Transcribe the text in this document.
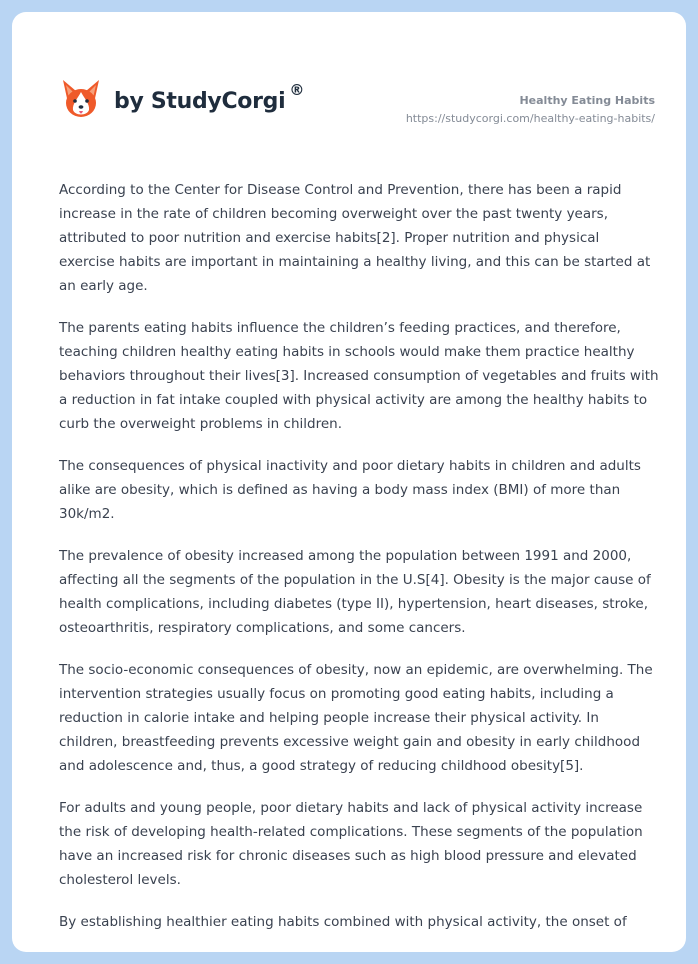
by StudyCorgi ®
Healthy Eating Habits
https://studycorgi.com/healthy-eating-habits/

According to the Center for Disease Control and Prevention, there has been a rapid increase in the rate of children becoming overweight over the past twenty years, attributed to poor nutrition and exercise habits[2]. Proper nutrition and physical exercise habits are important in maintaining a healthy living, and this can be started at an early age.

The parents eating habits influence the children’s feeding practices, and therefore, teaching children healthy eating habits in schools would make them practice healthy behaviors throughout their lives[3]. Increased consumption of vegetables and fruits with a reduction in fat intake coupled with physical activity are among the healthy habits to curb the overweight problems in children.

The consequences of physical inactivity and poor dietary habits in children and adults alike are obesity, which is defined as having a body mass index (BMI) of more than 30k/m2.

The prevalence of obesity increased among the population between 1991 and 2000, affecting all the segments of the population in the U.S[4]. Obesity is the major cause of health complications, including diabetes (type II), hypertension, heart diseases, stroke, osteoarthritis, respiratory complications, and some cancers.

The socio-economic consequences of obesity, now an epidemic, are overwhelming. The intervention strategies usually focus on promoting good eating habits, including a reduction in calorie intake and helping people increase their physical activity. In children, breastfeeding prevents excessive weight gain and obesity in early childhood and adolescence and, thus, a good strategy of reducing childhood obesity[5].

For adults and young people, poor dietary habits and lack of physical activity increase the risk of developing health-related complications. These segments of the population have an increased risk for chronic diseases such as high blood pressure and elevated cholesterol levels.

By establishing healthier eating habits combined with physical activity, the onset of
